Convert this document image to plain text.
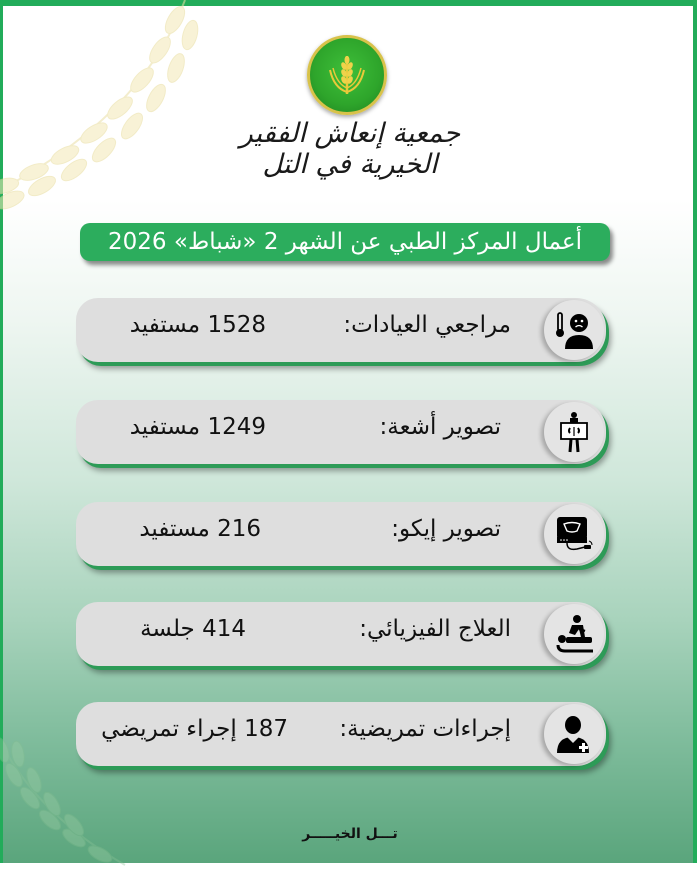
جمعية إنعاش الفقير الخيرية في التل
أعمال المركز الطبي عن الشهر 2 «شباط» 2026
مراجعي العيادات:
1528 مستفيد
تصوير أشعة:
1249 مستفيد
تصوير إيكو:
216 مستفيد
العلاج الفيزيائي:
414 جلسة
إجراءات تمريضية:
187 إجراء تمريضي
تـــل الخيـــــر
